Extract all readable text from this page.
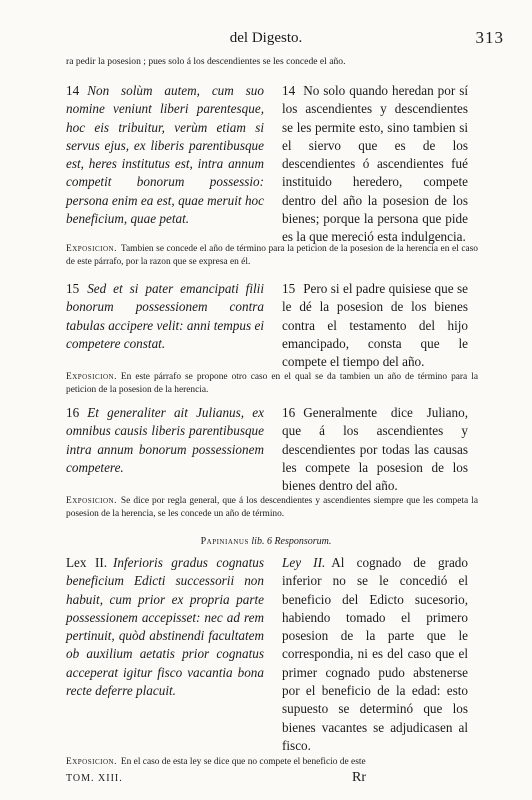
del Digesto.	313
ra pedir la posesion ; pues solo á los descendientes se les concede el año.
14 Non solùm autem, cum suo nomine veniunt liberi parentesque, hoc eis tribuitur, verùm etiam si servus ejus, ex liberis parentibusque est, heres institutus est, intra annum competit bonorum possessio: persona enim ea est, quae meruit hoc beneficium, quae petat.
14 No solo quando heredan por sí los ascendientes y descendientes se les permite esto, sino tambien si el siervo que es de los descendientes ó ascendientes fué instituido heredero, compete dentro del año la posesion de los bienes; porque la persona que pide es la que mereció esta indulgencia.
Exposicion. Tambien se concede el año de término para la peticion de la posesion de la herencia en el caso de este párrafo, por la razon que se expresa en él.
15 Sed et si pater emancipati filii bonorum possessionem contra tabulas accipere velit: anni tempus ei competere constat.
15 Pero si el padre quisiese que se le dé la posesion de los bienes contra el testamento del hijo emancipado, consta que le compete el tiempo del año.
Exposicion. En este párrafo se propone otro caso en el qual se da tambien un año de término para la peticion de la posesion de la herencia.
16 Et generaliter ait Julianus, ex omnibus causis liberis parentibusque intra annum bonorum possessionem competere.
16 Generalmente dice Juliano, que á los ascendientes y descendientes por todas las causas les compete la posesion de los bienes dentro del año.
Exposicion. Se dice por regla general, que á los descendientes y ascendientes siempre que les competa la posesion de la herencia, se les concede un año de término.
Papinianus lib. 6 Responsorum.
Lex II. Inferioris gradus cognatus beneficium Edicti successorii non habuit, cum prior ex propria parte possessionem accepisset: nec ad rem pertinuit, quòd abstinendi facultatem ob auxilium aetatis prior cognatus acceperat igitur fisco vacantia bona recte deferre placuit.
Ley II. Al cognado de grado inferior no se le concedió el beneficio del Edicto sucesorio, habiendo tomado el primero posesion de la parte que le correspondia, ni es del caso que el primer cognado pudo abstenerse por el beneficio de la edad: esto supuesto se determinó que los bienes vacantes se adjudicasen al fisco.
Exposicion. En el caso de esta ley se dice que no compete el beneficio de este
TOM. XIII.	Rr
